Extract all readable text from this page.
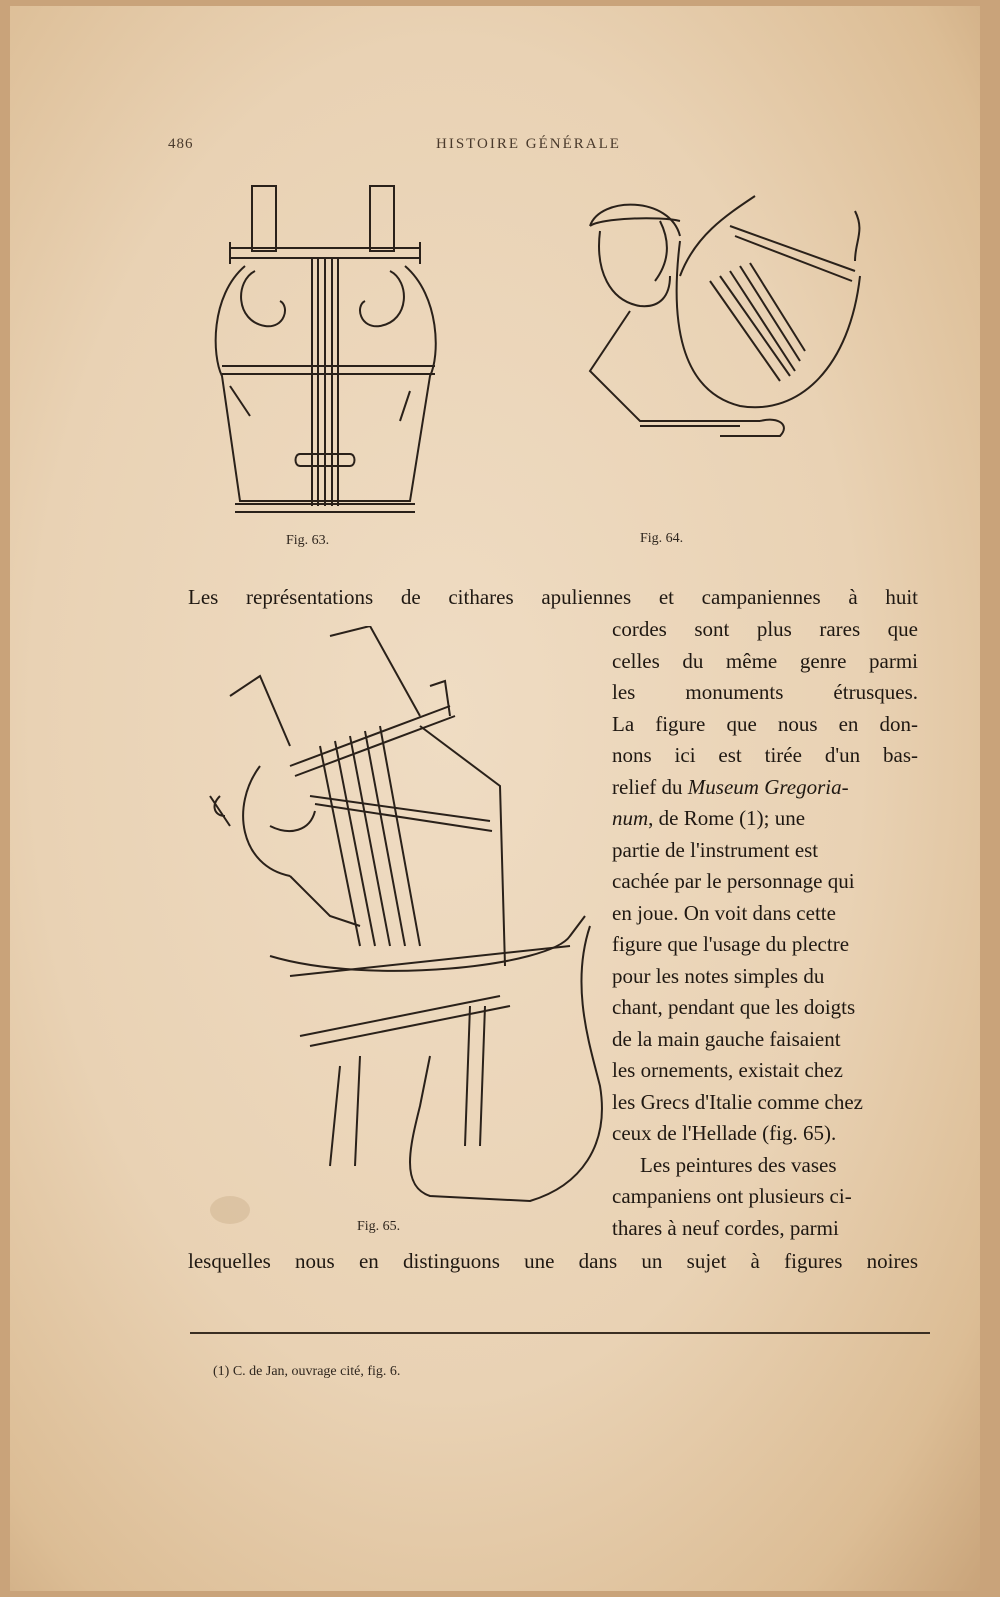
486	HISTOIRE GÉNÉRALE
Fig. 63.	Fig. 64.
Fig. 65.
Les représentations de cithares apuliennes et campaniennes à huit
cordes sont plus rares que
celles du même genre parmi
les monuments étrusques.
La figure que nous en don-
nons ici est tirée d'un bas-
relief du Museum Gregoria-
num, de Rome (1); une
partie de l'instrument est
cachée par le personnage qui
en joue. On voit dans cette
figure que l'usage du plectre
pour les notes simples du
chant, pendant que les doigts
de la main gauche faisaient
les ornements, existait chez
les Grecs d'Italie comme chez
ceux de l'Hellade (fig. 65).
Les peintures des vases
campaniens ont plusieurs ci-
thares à neuf cordes, parmi
lesquelles nous en distinguons une dans un sujet à figures noires
(1) C. de Jan, ouvrage cité, fig. 6.
